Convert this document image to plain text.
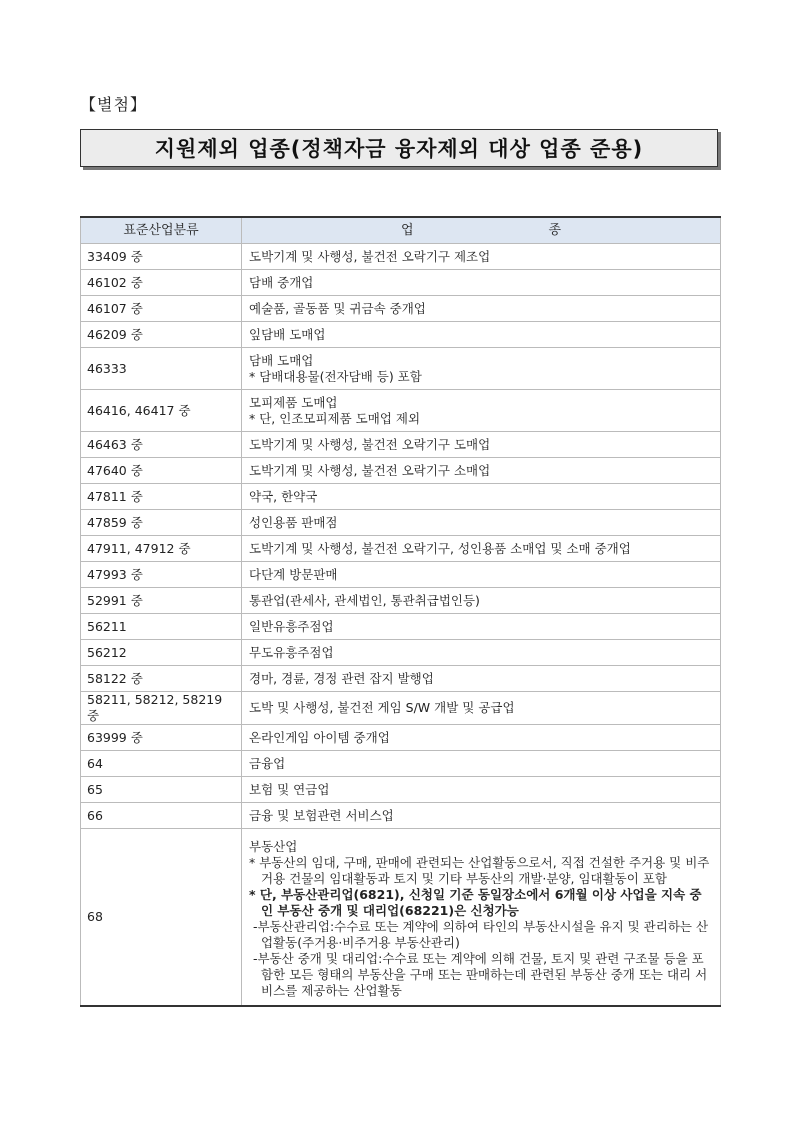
【별첨】
지원제외 업종(정책자금 융자제외 대상 업종 준용)
표준산업분류	업 종

33409 중	도박기계 및 사행성, 불건전 오락기구 제조업

46102 중	담배 중개업

46107 중	예술품, 골동품 및 귀금속 중개업

46209 중	잎담배 도매업

46333	담배 도매업
* 담배대용물(전자담배 등) 포함

46416, 46417 중	모피제품 도매업
* 단, 인조모피제품 도매업 제외

46463 중	도박기계 및 사행성, 불건전 오락기구 도매업

47640 중	도박기계 및 사행성, 불건전 오락기구 소매업

47811 중	약국, 한약국

47859 중	성인용품 판매점

47911, 47912 중	도박기계 및 사행성, 불건전 오락기구, 성인용품 소매업 및 소매 중개업

47993 중	다단계 방문판매

52991 중	통관업(관세사, 관세법인, 통관취급법인등)

56211	일반유흥주점업

56212	무도유흥주점업

58122 중	경마, 경륜, 경정 관련 잡지 발행업

58211, 58212, 58219 중	도박 및 사행성, 불건전 게임 S/W 개발 및 공급업

63999 중	온라인게임 아이템 중개업

64	금융업

65	보험 및 연금업

66	금융 및 보험관련 서비스업

68	부동산업
* 부동산의 임대, 구매, 판매에 관련되는 산업활동으로서, 직접 건설한 주거용 및 비주거용 건물의 임대활동과 토지 및 기타 부동산의 개발·분양, 임대활동이 포함
* 단, 부동산관리업(6821), 신청일 기준 동일장소에서 6개월 이상 사업을 지속 중인 부동산 중개 및 대리업(68221)은 신청가능
-부동산관리업:수수료 또는 계약에 의하여 타인의 부동산시설을 유지 및 관리하는 산업활동(주거용·비주거용 부동산관리)
-부동산 중개 및 대리업:수수료 또는 계약에 의해 건물, 토지 및 관련 구조물 등을 포함한 모든 형태의 부동산을 구매 또는 판매하는데 관련된 부동산 중개 또는 대리 서비스를 제공하는 산업활동
